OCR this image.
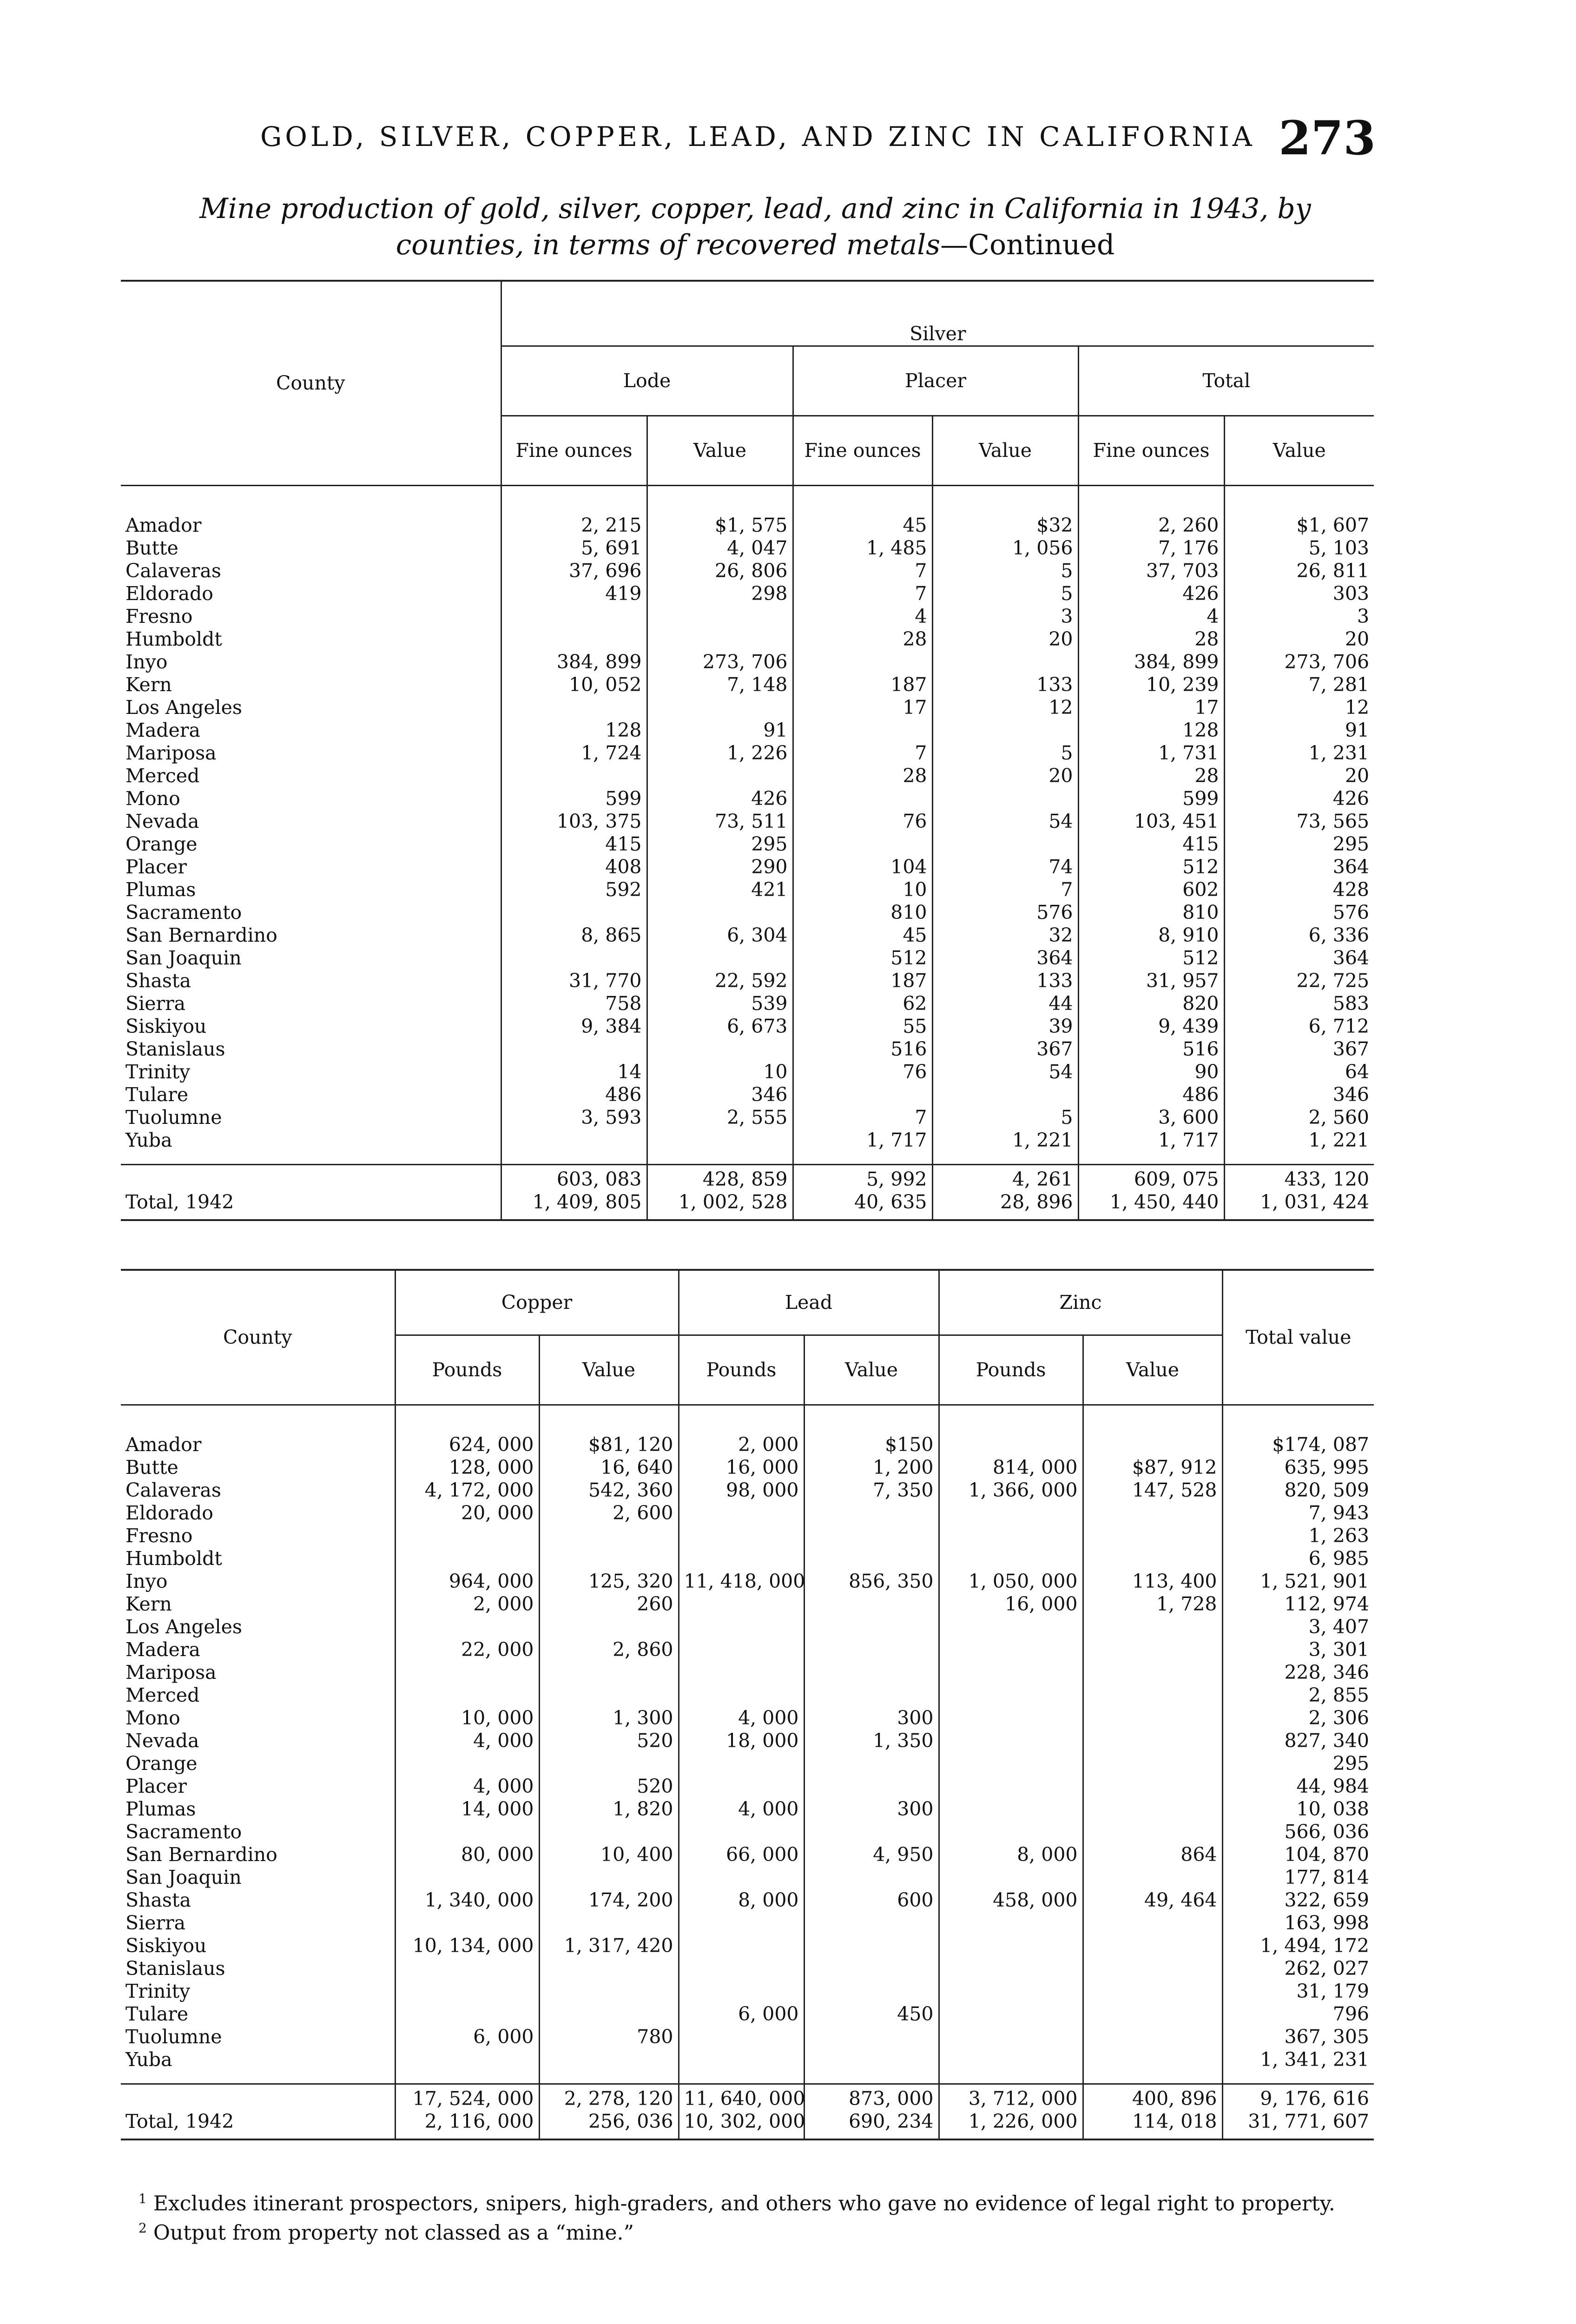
GOLD, SILVER, COPPER, LEAD, AND ZINC IN CALIFORNIA 273
Mine production of gold, silver, copper, lead, and zinc in California in 1943, by
counties, in terms of recovered metals—Continued
County	Silver					
	Lode		Placer		Total	
	Fine ounces	Value	Fine ounces	Value	Fine ounces	Value
Amador	2, 215	$1, 575	45	$32	2, 260	$1, 607
Butte	5, 691	4, 047	1, 485	1, 056	7, 176	5, 103
Calaveras	37, 696	26, 806	7	5	37, 703	26, 811
Eldorado	419	298	7	5	426	303
Fresno			4	3	4	3
Humboldt			28	20	28	20
Inyo	384, 899	273, 706			384, 899	273, 706
Kern	10, 052	7, 148	187	133	10, 239	7, 281
Los Angeles			17	12	17	12
Madera	128	91			128	91
Mariposa	1, 724	1, 226	7	5	1, 731	1, 231
Merced			28	20	28	20
Mono	599	426			599	426
Nevada	103, 375	73, 511	76	54	103, 451	73, 565
Orange	415	295			415	295
Placer	408	290	104	74	512	364
Plumas	592	421	10	7	602	428
Sacramento			810	576	810	576
San Bernardino	8, 865	6, 304	45	32	8, 910	6, 336
San Joaquin			512	364	512	364
Shasta	31, 770	22, 592	187	133	31, 957	22, 725
Sierra	758	539	62	44	820	583
Siskiyou	9, 384	6, 673	55	39	9, 439	6, 712
Stanislaus			516	367	516	367
Trinity	14	10	76	54	90	64
Tulare	486	346			486	346
Tuolumne	3, 593	2, 555	7	5	3, 600	2, 560
Yuba			1, 717	1, 221	1, 717	1, 221
	603, 083	428, 859	5, 992	4, 261	609, 075	433, 120
Total, 1942	1, 409, 805	1, 002, 528	40, 635	28, 896	1, 450, 440	1, 031, 424
County	Copper		Lead		Zinc		Total value
	Pounds	Value	Pounds	Value	Pounds	Value	
Amador	624, 000	$81, 120	2, 000	$150			$174, 087
Butte	128, 000	16, 640	16, 000	1, 200	814, 000	$87, 912	635, 995
Calaveras	4, 172, 000	542, 360	98, 000	7, 350	1, 366, 000	147, 528	820, 509
Eldorado	20, 000	2, 600					7, 943
Fresno							1, 263
Humboldt							6, 985
Inyo	964, 000	125, 320	11, 418, 000	856, 350	1, 050, 000	113, 400	1, 521, 901
Kern	2, 000	260			16, 000	1, 728	112, 974
Los Angeles							3, 407
Madera	22, 000	2, 860					3, 301
Mariposa							228, 346
Merced							2, 855
Mono	10, 000	1, 300	4, 000	300			2, 306
Nevada	4, 000	520	18, 000	1, 350			827, 340
Orange							295
Placer	4, 000	520					44, 984
Plumas	14, 000	1, 820	4, 000	300			10, 038
Sacramento							566, 036
San Bernardino	80, 000	10, 400	66, 000	4, 950	8, 000	864	104, 870
San Joaquin							177, 814
Shasta	1, 340, 000	174, 200	8, 000	600	458, 000	49, 464	322, 659
Sierra							163, 998
Siskiyou	10, 134, 000	1, 317, 420					1, 494, 172
Stanislaus							262, 027
Trinity							31, 179
Tulare			6, 000	450			796
Tuolumne	6, 000	780					367, 305
Yuba							1, 341, 231
	17, 524, 000	2, 278, 120	11, 640, 000	873, 000	3, 712, 000	400, 896	9, 176, 616
Total, 1942	2, 116, 000	256, 036	10, 302, 000	690, 234	1, 226, 000	114, 018	31, 771, 607

$^1$ Excludes itinerant prospectors, snipers, high-graders, and others who gave no evidence of legal right to property.

$^2$ Output from property not classed as a “mine.”
